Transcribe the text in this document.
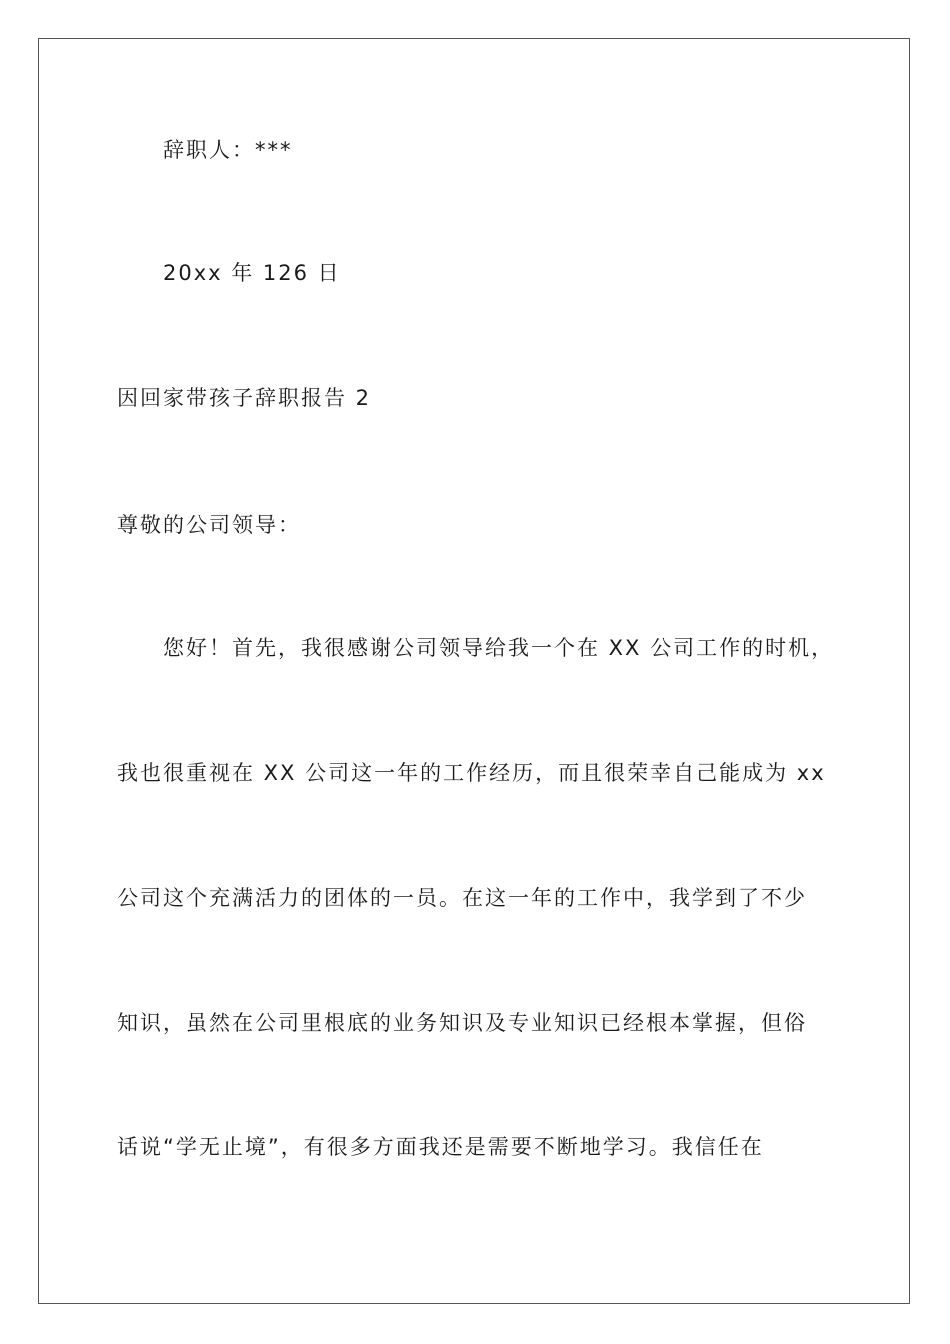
辞职人：***
20xx 年 126 日
因回家带孩子辞职报告 2
尊敬的公司领导：
您好！首先，我很感谢公司领导给我一个在 XX 公司工作的时机，
我也很重视在 XX 公司这一年的工作经历，而且很荣幸自己能成为 xx
公司这个充满活力的团体的一员。在这一年的工作中，我学到了不少
知识，虽然在公司里根底的业务知识及专业知识已经根本掌握，但俗
话说“学无止境”，有很多方面我还是需要不断地学习。我信任在
